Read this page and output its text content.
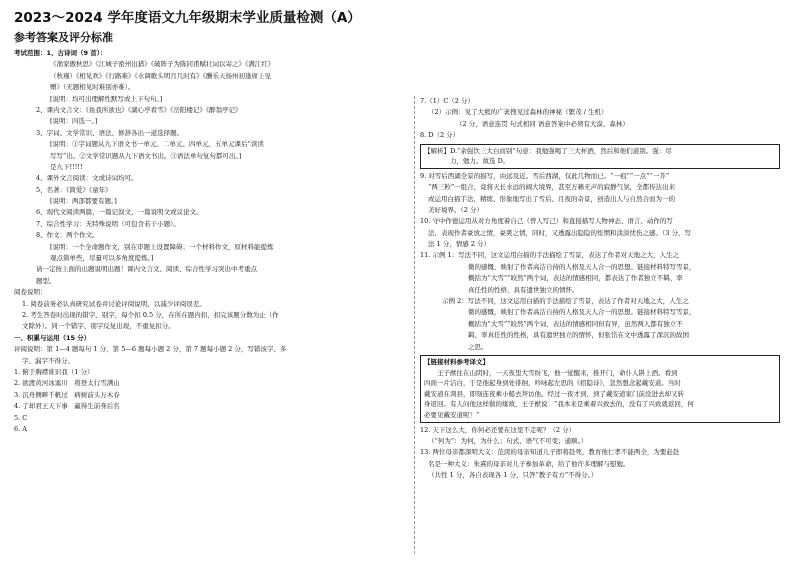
2023～2024 学年度语文九年级期末学业质量检测（A）
参考答案及评分标准
考试范围：1、古诗词（9 首）：
《渔家傲秋思》《江城子密州出猎》《破阵子为陈同甫赋壮词以寄之》《满江红》
（秋瑾）《相见欢》《行路难》《水调歌头明月几时有》《酬乐天扬州初逢席上见
赠》（无题相见时难别亦难）。
[说明：均可出理解性默写或上下句句。]
2、课内文言文：《鱼我所欲也》《湖心亭看雪》《岳阳楼记》《醉翁亭记》
[说明：四选一。]
3、字词、文学常识、语法、修辞各出一道选择题。
[说明：①字词题从九下语文书一单元、二单元、四单元、五单元课后“读读
写写”出。②文学常识题从九下语文书出。③语法单句复句都可出。]
是九下!!!!!
4、课外文言阅读：文或诗词均可。
5、名著：《简爱》《童年》
[说明：两部都要有题。]
6、现代文阅读两篇，一篇记叙文，一篇说明文或议论文。
7、综合性学习：无特殊说明（可包含若干小题）。
8、作文：两个作文。
[说明：一个全命题作文，别在审题上设置障碍；一个材料作文，原材料能提炼
观点简单些，尽量可以多角度提炼。]
请一定按上面的出题说明出题！课内文言文、阅读、综合性学习突出中考重点
题型。
阅卷说明：
1. 阅卷前务必认真研究试卷并讨论评阅说明，以减少评阅误差。
2. 考生答卷时出现的错字、别字，每个扣 0.5 分，在所在题内扣，扣完该题分数为止（作
文除外）。同一个错字、别字反复出现，不重复扣分。
一、积累与运用（15 分）
评阅说明：第 1—4 题每句 1 分，第 5—6 题每小题 2 分，第 7 题每小题 2 分，写错该字、多
字、漏字不得分。
1. 俯于胸襟谁识我（1 分）
2. 欲渡黄河冰塞川　将登太行雪满山
3. 沉舟侧畔千帆过　病树前头万木春
4. 了却君王天下事　赢得生前身后名
5. C
6. A
7.（1）C（2 分）
（2）示例：见了大熊的广袤搜见过森林的神秘（繁茂 / 生机）
（2 分，语意连贯 句式相同 语意答案中必须有大漠、森林）
8. D（2 分）
【解析】D.“余强饮三大白而别”句意：我勉强喝了三大杯酒，然后和他们道别。强：尽
　　　　力，勉力。故选 D。
9. 对雪后西湖全景的描写，由远及近。雪后西湖，仅此几物而已。“一痕”“一点”“一芥”
“两三粒”一组合，竟将天长水远的阔大境界，甚至万籁无声的寂静气氛，全都传达出来
或运用白描手法，精练、形象地写出了雪后、月夜的奇景，创造出人与自然合而为一的
美好境界。（2 分）
10. 守中作德运用从对方角度着自己（曾人写己）和直接描写人物神态、语言、动作的写
法，表现作者豪放之情，豪爽之情，同时，又透露出隐隐的怅惘和淡淡忧伤之感。（3 分，写
法 1 分，情感 2 分）
11. 示例 1：写法不同，这文运用白描的手法描绘了雪景，表达了作者对天地之大，人生之
微的感慨，映射了作者高洁自持的人格及天人合一的思想。链接材料特写雪景，
概括为“大雪”“皎然”两个词，表达的情感相同，都表达了作者独立不羁、率
真任性的性格，具有遗世独立的情怀。
示例 2：写法不同，这文运用白描的手法描绘了雪景，表达了作者对天地之大，人生之
微的感慨，映射了作者高洁自持的人格及天人合一的思想。链接材料特写雪景，
概括为“大雪”“皎然”两个词，表达的情感相同但有异，虽然两人都有独立不
羁、率真任性的性格，具有遗世独立的情怀，但张岱在文中透露了深沉的故国
之思。
【链接材料参考译文】
　　王子猷住在山阴时，一天夜里大雪纷飞，他一觉醒来，推开门，命仆人斟上酒。看到
四面一片洁白，于是他起身到处徘徊，吟咏起左思的《招隐诗》，忽然想念起戴安道。当时
戴安道在剡县，即刻连夜乘小船去拜访他。经过一夜才到，到了戴安道家门前没进去却又转
身返回。有人问他这样做的缘故，王子猷说：“我本来是乘着兴致去的，没有了兴致就返回，何
必要见戴安道呢！”
12. 天下这么大，你何必还要在这里不走呢？（2 分）
（“何为”：为何，为什么；句式、语气不可变；通顺。）
13. 两位母亲都深明大义：范滂的母亲知道儿子即将赴死，教育他仁孝不能两全，为要赶赴
名是一种大义：朱熹的母亲对儿子参加革命，给了他许多理解与慰勉。
（共性 1 分，各自表现各 1 分，只答“教子有方”不得分。）
